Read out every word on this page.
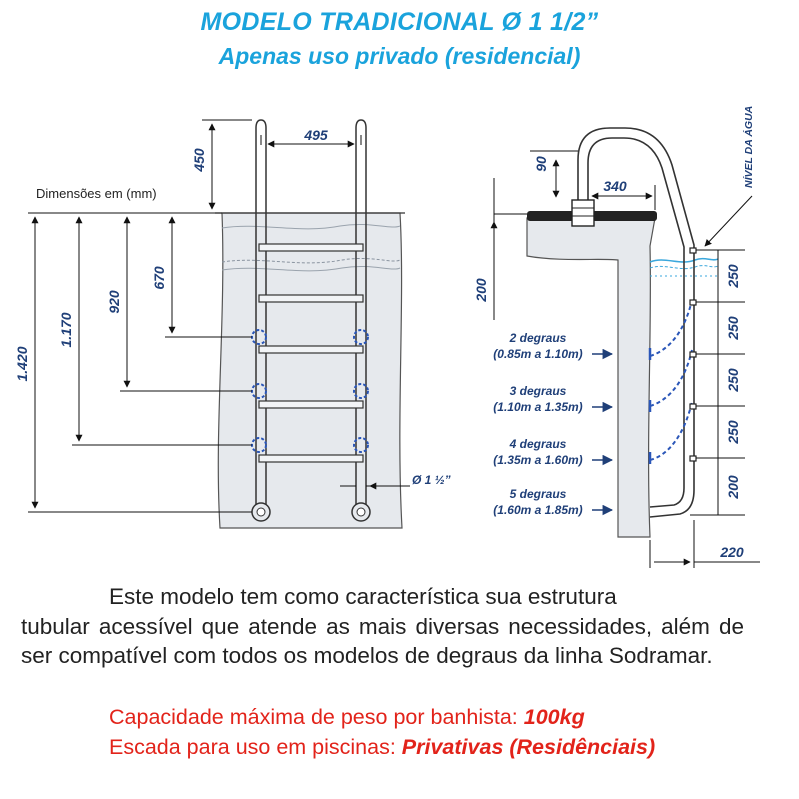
MODELO TRADICIONAL Ø 1 1/2”
Apenas uso privado (residencial)
495
450
Dimensões em (mm)
670
920
1.170
1.420
Ø 1 ½”
NÍVEL DA ÁGUA
90
340
200
250
250
250
250
200
220
2 degraus
(0.85m a 1.10m)
3 degraus
(1.10m a 1.35m)
4 degraus
(1.35m a 1.60m)
5 degraus
(1.60m a 1.85m)
Este modelo tem como característica sua estrutura
tubular acessível que atende as mais diversas necessidades, além de ser compatível com todos os modelos de degraus da linha Sodramar.
Capacidade máxima de peso por banhista: 100kg
Escada para uso em piscinas: Privativas (Residênciais)
